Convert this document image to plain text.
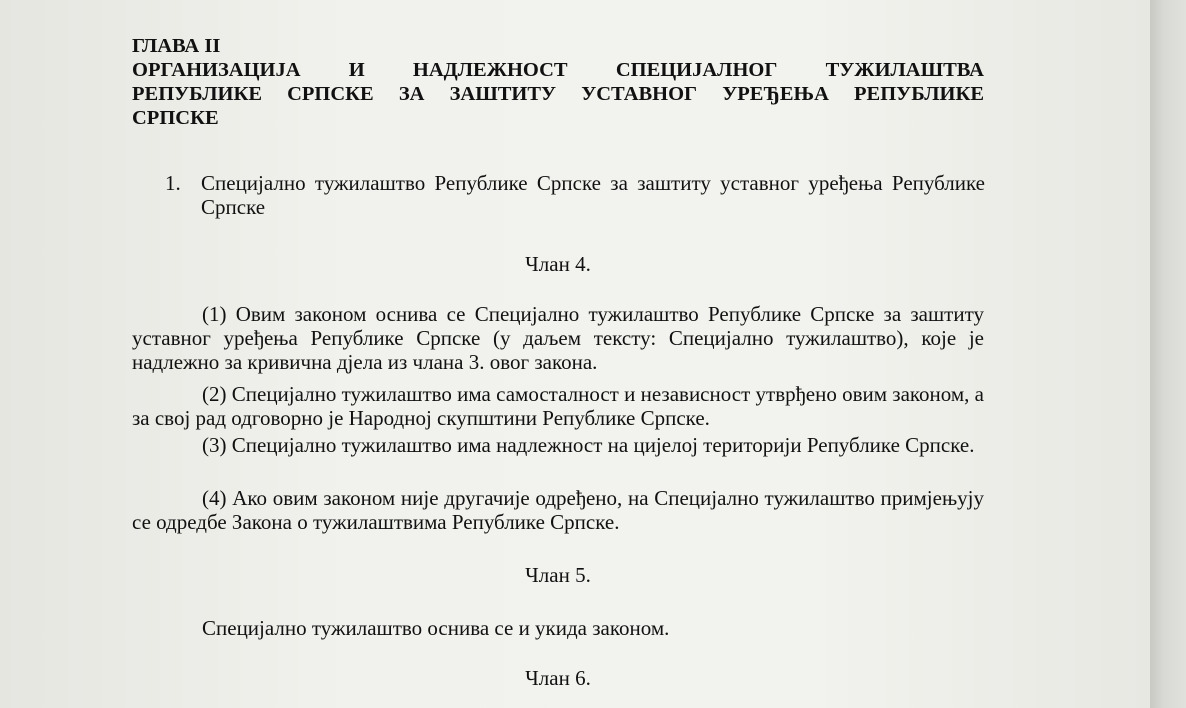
ГЛАВА II
ОРГАНИЗАЦИЈА И НАДЛЕЖНОСТ СПЕЦИЈАЛНОГ ТУЖИЛАШТВА
РЕПУБЛИКЕ СРПСКЕ ЗА ЗАШТИТУ УСТАВНОГ УРЕЂЕЊА РЕПУБЛИКЕ
СРПСКЕ
1. Специјално тужилаштво Републике Српске за заштиту уставног уређења Републике Српске
Члан 4.
(1) Овим законом оснива се Специјално тужилаштво Републике Српске за заштиту уставног уређења Републике Српске (у даљем тексту: Специјално тужилаштво), које је надлежно за кривична дјела из члана 3. овог закона.
(2) Специјално тужилаштво има самосталност и независност утврђено овим законом, а за свој рад одговорно је Народној скупштини Републике Српске.
(3) Специјално тужилаштво има надлежност на цијелој територији Републике Српске.
(4) Ако овим законом није другачије одређено, на Специјално тужилаштво примјењују се одредбе Закона о тужилаштвима Републике Српске.
Члан 5.
Специјално тужилаштво оснива се и укида законом.
Члан 6.
